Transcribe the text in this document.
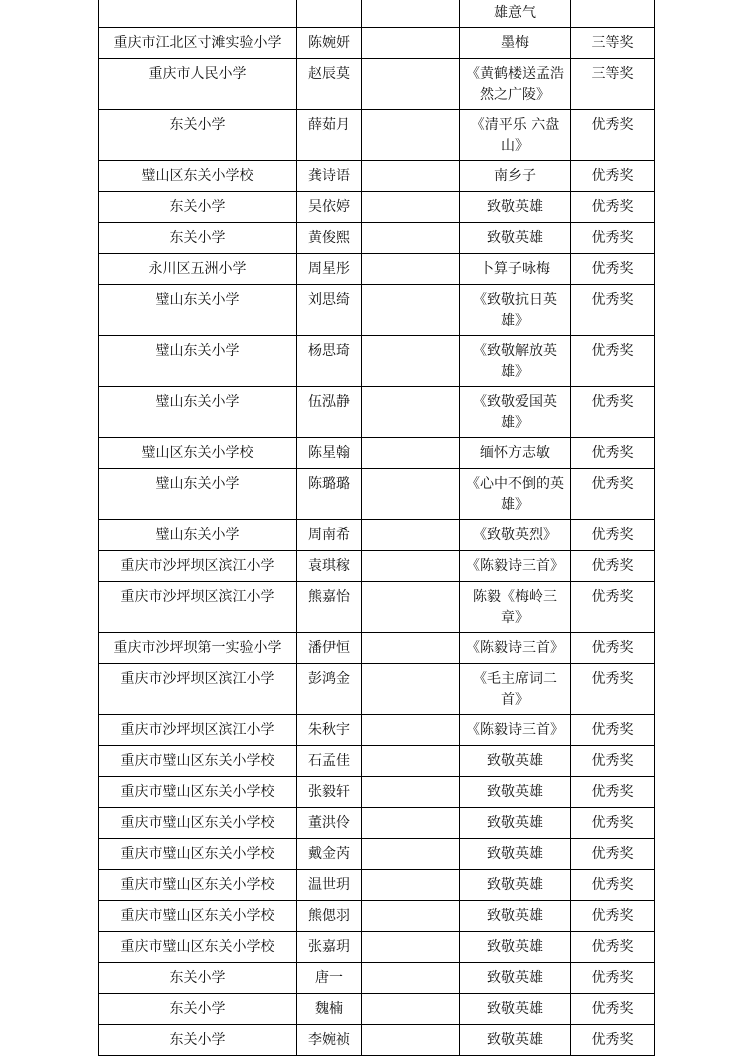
			雄意气	
重庆市江北区寸滩实验小学	陈婉妍		墨梅	三等奖
重庆市人民小学	赵辰莫		《黄鹤楼送孟浩然之广陵》	三等奖
东关小学	薛茹月		《清平乐 六盘山》	优秀奖
璧山区东关小学校	龚诗语		南乡子	优秀奖
东关小学	吴依婷		致敬英雄	优秀奖
东关小学	黄俊熙		致敬英雄	优秀奖
永川区五洲小学	周星彤		卜算子咏梅	优秀奖
璧山东关小学	刘思绮		《致敬抗日英雄》	优秀奖
璧山东关小学	杨思琦		《致敬解放英雄》	优秀奖
璧山东关小学	伍泓静		《致敬爱国英雄》	优秀奖
璧山区东关小学校	陈星翰		缅怀方志敏	优秀奖
璧山东关小学	陈璐璐		《心中不倒的英雄》	优秀奖
璧山东关小学	周南希		《致敬英烈》	优秀奖
重庆市沙坪坝区滨江小学	袁琪稼		《陈毅诗三首》	优秀奖
重庆市沙坪坝区滨江小学	熊嘉怡		陈毅《梅岭三章》	优秀奖
重庆市沙坪坝第一实验小学	潘伊恒		《陈毅诗三首》	优秀奖
重庆市沙坪坝区滨江小学	彭鸿金		《毛主席词二首》	优秀奖
重庆市沙坪坝区滨江小学	朱秋宇		《陈毅诗三首》	优秀奖
重庆市璧山区东关小学校	石孟佳		致敬英雄	优秀奖
重庆市璧山区东关小学校	张毅轩		致敬英雄	优秀奖
重庆市璧山区东关小学校	董洪伶		致敬英雄	优秀奖
重庆市璧山区东关小学校	戴金芮		致敬英雄	优秀奖
重庆市璧山区东关小学校	温世玥		致敬英雄	优秀奖
重庆市璧山区东关小学校	熊偲羽		致敬英雄	优秀奖
重庆市璧山区东关小学校	张嘉玥		致敬英雄	优秀奖
东关小学	唐一		致敬英雄	优秀奖
东关小学	魏楠		致敬英雄	优秀奖
东关小学	李婉祯		致敬英雄	优秀奖
